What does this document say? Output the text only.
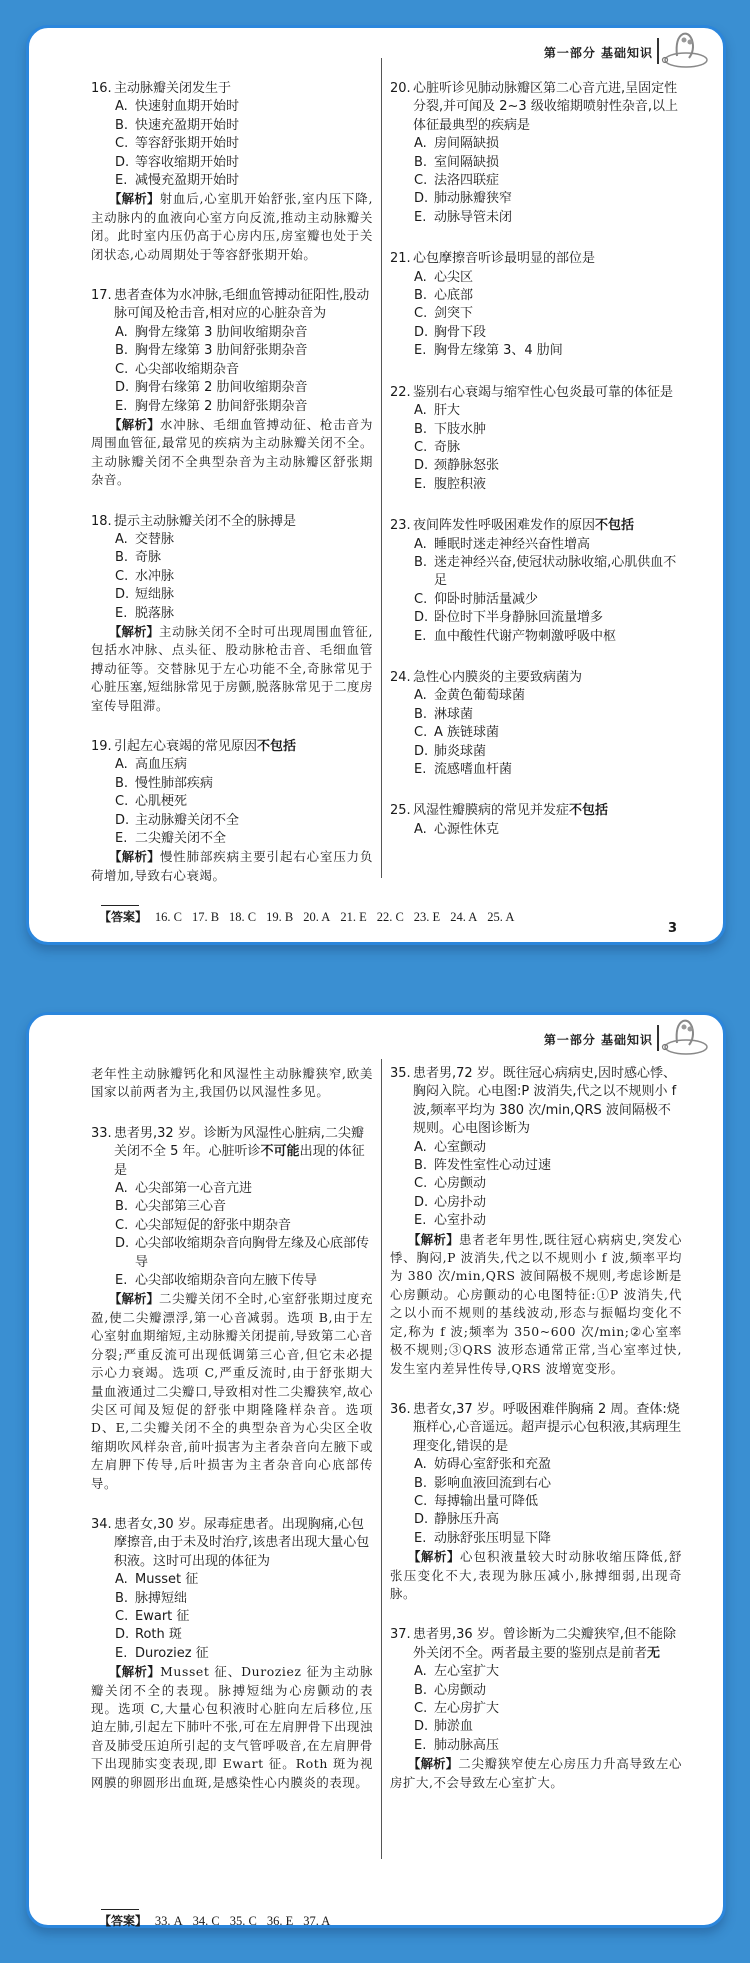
第一部分 基础知识
16. 主动脉瓣关闭发生于
A. 快速射血期开始时
B. 快速充盈期开始时
C. 等容舒张期开始时
D. 等容收缩期开始时
E. 减慢充盈期开始时
【解析】射血后,心室肌开始舒张,室内压下降,主动脉内的血液向心室方向反流,推动主动脉瓣关闭。此时室内压仍高于心房内压,房室瓣也处于关闭状态,心动周期处于等容舒张期开始。
17. 患者查体为水冲脉,毛细血管搏动征阳性,股动脉可闻及枪击音,相对应的心脏杂音为
A. 胸骨左缘第 3 肋间收缩期杂音
B. 胸骨左缘第 3 肋间舒张期杂音
C. 心尖部收缩期杂音
D. 胸骨右缘第 2 肋间收缩期杂音
E. 胸骨左缘第 2 肋间舒张期杂音
【解析】水冲脉、毛细血管搏动征、枪击音为周围血管征,最常见的疾病为主动脉瓣关闭不全。主动脉瓣关闭不全典型杂音为主动脉瓣区舒张期杂音。
18. 提示主动脉瓣关闭不全的脉搏是
A. 交替脉
B. 奇脉
C. 水冲脉
D. 短绌脉
E. 脱落脉
【解析】主动脉关闭不全时可出现周围血管征,包括水冲脉、点头征、股动脉枪击音、毛细血管搏动征等。交替脉见于左心功能不全,奇脉常见于心脏压塞,短绌脉常见于房颤,脱落脉常见于二度房室传导阻滞。
19. 引起左心衰竭的常见原因不包括
A. 高血压病
B. 慢性肺部疾病
C. 心肌梗死
D. 主动脉瓣关闭不全
E. 二尖瓣关闭不全
【解析】慢性肺部疾病主要引起右心室压力负荷增加,导致右心衰竭。
20. 心脏听诊见肺动脉瓣区第二心音亢进,呈固定性分裂,并可闻及 2~3 级收缩期喷射性杂音,以上体征最典型的疾病是
A. 房间隔缺损
B. 室间隔缺损
C. 法洛四联症
D. 肺动脉瓣狭窄
E. 动脉导管未闭
21. 心包摩擦音听诊最明显的部位是
A. 心尖区
B. 心底部
C. 剑突下
D. 胸骨下段
E. 胸骨左缘第 3、4 肋间
22. 鉴别右心衰竭与缩窄性心包炎最可靠的体征是
A. 肝大
B. 下肢水肿
C. 奇脉
D. 颈静脉怒张
E. 腹腔积液
23. 夜间阵发性呼吸困难发作的原因不包括
A. 睡眠时迷走神经兴奋性增高
B. 迷走神经兴奋,使冠状动脉收缩,心肌供血不足
C. 仰卧时肺活量减少
D. 卧位时下半身静脉回流量增多
E. 血中酸性代谢产物刺激呼吸中枢
24. 急性心内膜炎的主要致病菌为
A. 金黄色葡萄球菌
B. 淋球菌
C. A 族链球菌
D. 肺炎球菌
E. 流感嗜血杆菌
25. 风湿性瓣膜病的常见并发症不包括
A. 心源性休克
【答案】 16. C 17. B 18. C 19. B 20. A 21. E 22. C 23. E 24. A 25. A
3
第一部分 基础知识
老年性主动脉瓣钙化和风湿性主动脉瓣狭窄,欧美国家以前两者为主,我国仍以风湿性多见。
33. 患者男,32 岁。诊断为风湿性心脏病,二尖瓣关闭不全 5 年。心脏听诊不可能出现的体征是
A. 心尖部第一心音亢进
B. 心尖部第三心音
C. 心尖部短促的舒张中期杂音
D. 心尖部收缩期杂音向胸骨左缘及心底部传导
E. 心尖部收缩期杂音向左腋下传导
【解析】二尖瓣关闭不全时,心室舒张期过度充盈,使二尖瓣漂浮,第一心音减弱。选项 B,由于左心室射血期缩短,主动脉瓣关闭提前,导致第二心音分裂;严重反流可出现低调第三心音,但它未必提示心力衰竭。选项 C,严重反流时,由于舒张期大量血液通过二尖瓣口,导致相对性二尖瓣狭窄,故心尖区可闻及短促的舒张中期隆隆样杂音。选项 D、E,二尖瓣关闭不全的典型杂音为心尖区全收缩期吹风样杂音,前叶损害为主者杂音向左腋下或左肩胛下传导,后叶损害为主者杂音向心底部传导。
34. 患者女,30 岁。尿毒症患者。出现胸痛,心包摩擦音,由于未及时治疗,该患者出现大量心包积液。这时可出现的体征为
A. Musset 征
B. 脉搏短绌
C. Ewart 征
D. Roth 斑
E. Duroziez 征
【解析】Musset 征、Duroziez 征为主动脉瓣关闭不全的表现。脉搏短绌为心房颤动的表现。选项 C,大量心包积液时心脏向左后移位,压迫左肺,引起左下肺叶不张,可在左肩胛骨下出现浊音及肺受压迫所引起的支气管呼吸音,在左肩胛骨下出现肺实变表现,即 Ewart 征。Roth 斑为视网膜的卵圆形出血斑,是感染性心内膜炎的表现。
35. 患者男,72 岁。既往冠心病病史,因时感心悸、胸闷入院。心电图:P 波消失,代之以不规则小 f 波,频率平均为 380 次/min,QRS 波间隔极不规则。心电图诊断为
A. 心室颤动
B. 阵发性室性心动过速
C. 心房颤动
D. 心房扑动
E. 心室扑动
【解析】患者老年男性,既往冠心病病史,突发心悸、胸闷,P 波消失,代之以不规则小 f 波,频率平均为 380 次/min,QRS 波间隔极不规则,考虑诊断是心房颤动。心房颤动的心电图特征:①P 波消失,代之以小而不规则的基线波动,形态与振幅均变化不定,称为 f 波;频率为 350~600 次/min;②心室率极不规则;③QRS 波形态通常正常,当心室率过快,发生室内差异性传导,QRS 波增宽变形。
36. 患者女,37 岁。呼吸困难伴胸痛 2 周。查体:烧瓶样心,心音遥远。超声提示心包积液,其病理生理变化,错误的是
A. 妨碍心室舒张和充盈
B. 影响血液回流到右心
C. 每搏输出量可降低
D. 静脉压升高
E. 动脉舒张压明显下降
【解析】心包积液量较大时动脉收缩压降低,舒张压变化不大,表现为脉压减小,脉搏细弱,出现奇脉。
37. 患者男,36 岁。曾诊断为二尖瓣狭窄,但不能除外关闭不全。两者最主要的鉴别点是前者无
A. 左心室扩大
B. 心房颤动
C. 左心房扩大
D. 肺淤血
E. 肺动脉高压
【解析】二尖瓣狭窄使左心房压力升高导致左心房扩大,不会导致左心室扩大。
【答案】 33. A 34. C 35. C 36. E 37. A
